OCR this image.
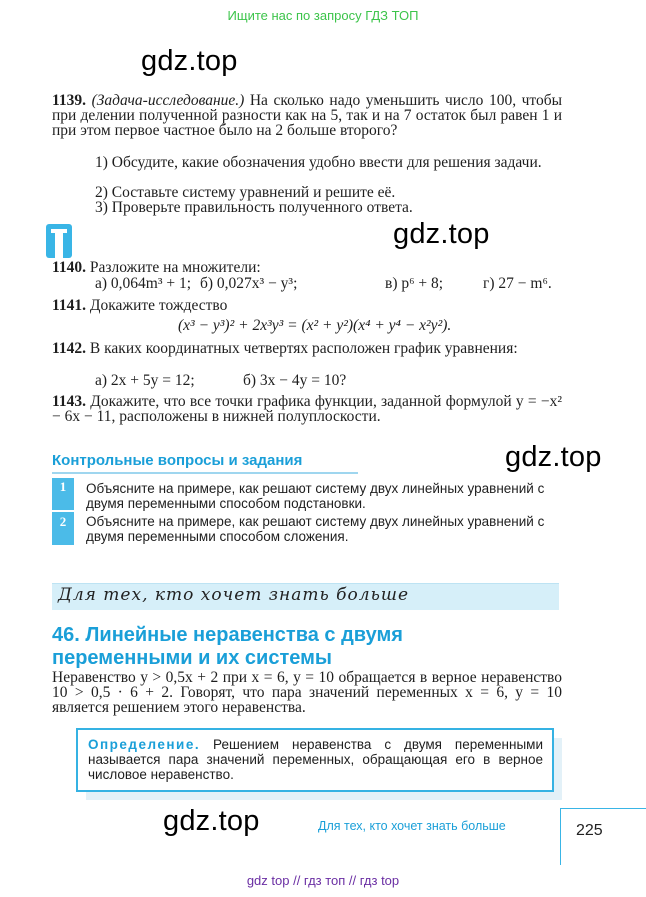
Ищите нас по запросу ГДЗ ТОП
gdz.top
1139. (Задача-исследование.) На сколько надо уменьшить число 100, чтобы при делении полученной разности как на 5, так и на 7 остаток был равен 1 и при этом первое частное было на 2 больше второго?
1) Обсудите, какие обозначения удобно ввести для решения задачи.
2) Составьте систему уравнений и решите её.
3) Проверьте правильность полученного ответа.
gdz.top
1140. Разложите на множители:
а) 0,064m³ + 1; б) 0,027x³ − y³;	в) p⁶ + 8;	г) 27 − m⁶.
1141. Докажите тождество
(x³ − y³)² + 2x³y³ = (x² + y²)(x⁴ + y⁴ − x²y²).
1142. В каких координатных четвертях расположен график уравнения:
а) 2x + 5y = 12;	б) 3x − 4y = 10?
1143. Докажите, что все точки графика функции, заданной формулой y = −x² − 6x − 11, расположены в нижней полуплоскости.
Контрольные вопросы и задания	gdz.top
1	Объясните на примере, как решают систему двух линейных уравнений с двумя переменными способом подстановки.
2	Объясните на примере, как решают систему двух линейных уравнений с двумя переменными способом сложения.
Для тех, кто хочет знать больше
46. Линейные неравенства с двумя
переменными и их системы
Неравенство y > 0,5x + 2 при x = 6, y = 10 обращается в верное неравенство 10 > 0,5 · 6 + 2. Говорят, что пара значений переменных x = 6, y = 10 является решением этого неравенства.
Определение. Решением неравенства с двумя переменными называется пара значений переменных, обращающая его в верное числовое неравенство.
gdz.top	Для тех, кто хочет знать больше	225
gdz top // гдз топ // гдз top
